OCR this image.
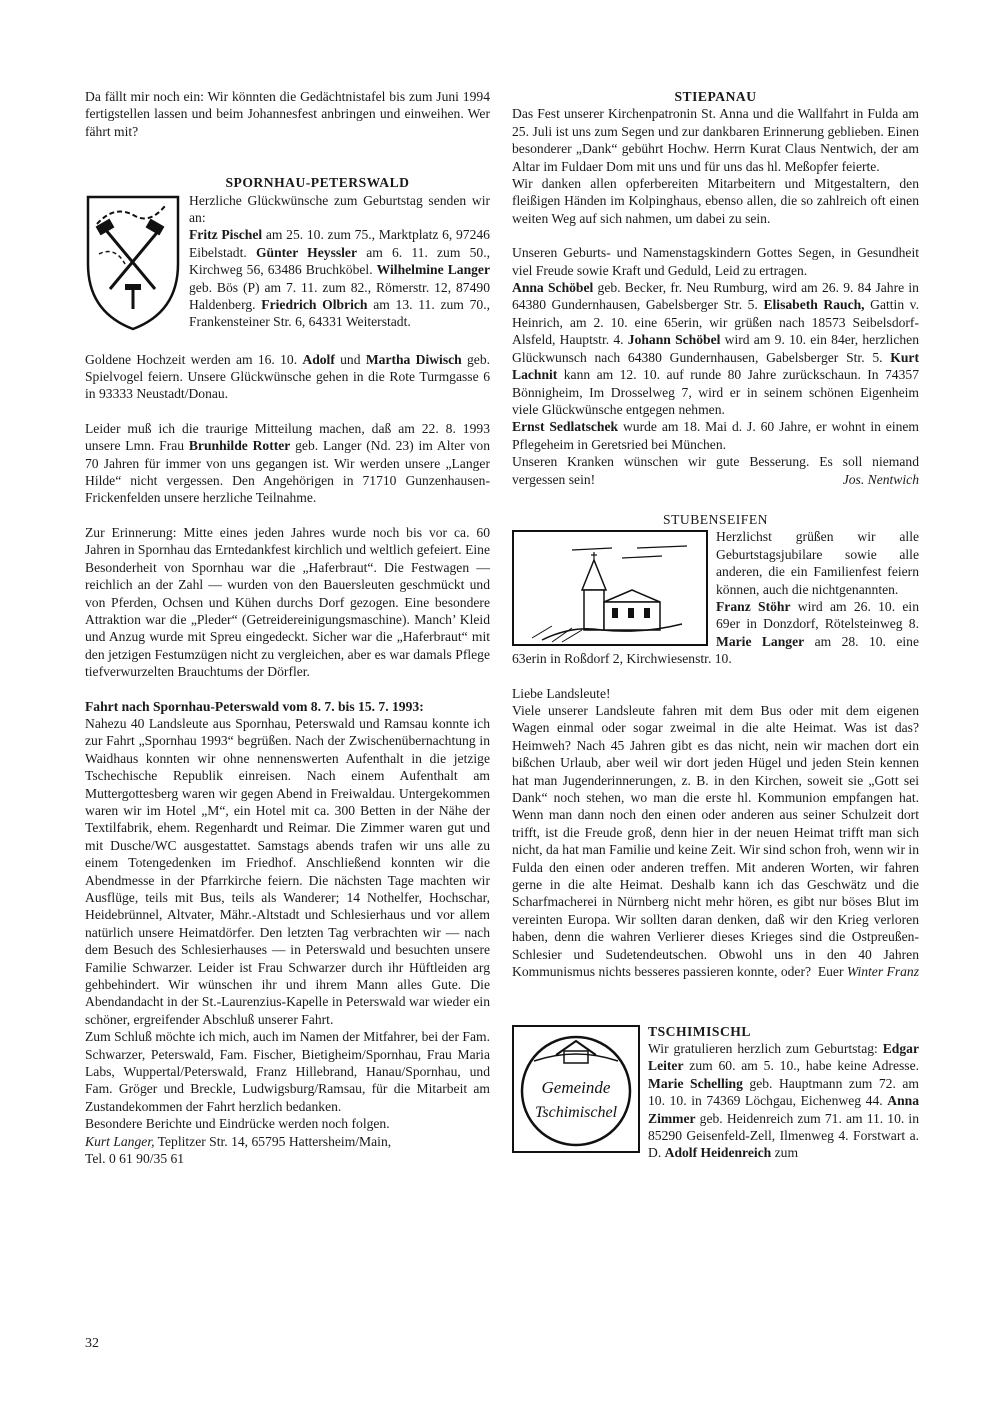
Da fällt mir noch ein: Wir könnten die Gedächtnistafel bis zum Juni 1994 fertigstellen lassen und beim Johannesfest anbringen und einweihen. Wer fährt mit?

SPORNHAU-PETERSWALD

Herzliche Glückwünsche zum Geburtstag senden wir an:

Fritz Pischel am 25. 10. zum 75., Marktplatz 6, 97246 Eibelstadt. Günter Heyssler am 6. 11. zum 50., Kirchweg 56, 63486 Bruchköbel. Wilhelmine Langer geb. Bös (P) am 7. 11. zum 82., Römerstr. 12, 87490 Haldenberg. Friedrich Olbrich am 13. 11. zum 70., Frankensteiner Str. 6, 64331 Weiterstadt.

Goldene Hochzeit werden am 16. 10. Adolf und Martha Diwisch geb. Spielvogel feiern. Unsere Glückwünsche gehen in die Rote Turmgasse 6 in 93333 Neustadt/Donau.

Leider muß ich die traurige Mitteilung machen, daß am 22. 8. 1993 unsere Lmn. Frau Brunhilde Rotter geb. Langer (Nd. 23) im Alter von 70 Jahren für immer von uns gegangen ist. Wir werden unsere „Langer Hilde“ nicht vergessen. Den Angehörigen in 71710 Gunzenhausen-Frickenfelden unsere herzliche Teilnahme.

Zur Erinnerung: Mitte eines jeden Jahres wurde noch bis vor ca. 60 Jahren in Spornhau das Erntedankfest kirchlich und weltlich gefeiert. Eine Besonderheit von Spornhau war die „Haferbraut“. Die Festwagen — reichlich an der Zahl — wurden von den Bauersleuten geschmückt und von Pferden, Ochsen und Kühen durchs Dorf gezogen. Eine besondere Attraktion war die „Pleder“ (Getreidereinigungsmaschine). Manch’ Kleid und Anzug wurde mit Spreu eingedeckt. Sicher war die „Haferbraut“ mit den jetzigen Festumzügen nicht zu vergleichen, aber es war damals Pflege tiefverwurzelten Brauchtums der Dörfler.

Fahrt nach Spornhau-Peterswald vom 8. 7. bis 15. 7. 1993:

Nahezu 40 Landsleute aus Spornhau, Peterswald und Ramsau konnte ich zur Fahrt „Spornhau 1993“ begrüßen. Nach der Zwischenübernachtung in Waidhaus konnten wir ohne nennenswerten Aufenthalt in die jetzige Tschechische Republik einreisen. Nach einem Aufenthalt am Muttergottesberg waren wir gegen Abend in Freiwaldau. Untergekommen waren wir im Hotel „M“, ein Hotel mit ca. 300 Betten in der Nähe der Textilfabrik, ehem. Regenhardt und Reimar. Die Zimmer waren gut und mit Dusche/WC ausgestattet. Samstags abends trafen wir uns alle zu einem Totengedenken im Friedhof. Anschließend konnten wir die Abendmesse in der Pfarrkirche feiern. Die nächsten Tage machten wir Ausflüge, teils mit Bus, teils als Wanderer; 14 Nothelfer, Hochschar, Heidebrünnel, Altvater, Mähr.-Altstadt und Schlesierhaus und vor allem natürlich unsere Heimatdörfer. Den letzten Tag verbrachten wir — nach dem Besuch des Schlesierhauses — in Peterswald und besuchten unsere Familie Schwarzer. Leider ist Frau Schwarzer durch ihr Hüftleiden arg gehbehindert. Wir wünschen ihr und ihrem Mann alles Gute. Die Abendandacht in der St.-Laurenzius-Kapelle in Peterswald war wieder ein schöner, ergreifender Abschluß unserer Fahrt.

Zum Schluß möchte ich mich, auch im Namen der Mitfahrer, bei der Fam. Schwarzer, Peterswald, Fam. Fischer, Bietigheim/Spornhau, Frau Maria Labs, Wuppertal/Peterswald, Franz Hillebrand, Hanau/Spornhau, und Fam. Gröger und Breckle, Ludwigsburg/Ramsau, für die Mitarbeit am Zustandekommen der Fahrt herzlich bedanken.

Besondere Berichte und Eindrücke werden noch folgen.

Kurt Langer, Teplitzer Str. 14, 65795 Hattersheim/Main,

Tel. 0 61 90/35 61

STIEPANAU

Das Fest unserer Kirchenpatronin St. Anna und die Wallfahrt in Fulda am 25. Juli ist uns zum Segen und zur dankbaren Erinnerung geblieben. Einen besonderer „Dank“ gebührt Hochw. Herrn Kurat Claus Nentwich, der am Altar im Fuldaer Dom mit uns und für uns das hl. Meßopfer feierte.

Wir danken allen opferbereiten Mitarbeitern und Mitgestaltern, den fleißigen Händen im Kolpinghaus, ebenso allen, die so zahlreich oft einen weiten Weg auf sich nahmen, um dabei zu sein.

Unseren Geburts- und Namenstagskindern Gottes Segen, in Gesundheit viel Freude sowie Kraft und Geduld, Leid zu ertragen.

Anna Schöbel geb. Becker, fr. Neu Rumburg, wird am 26. 9. 84 Jahre in 64380 Gundernhausen, Gabelsberger Str. 5. Elisabeth Rauch, Gattin v. Heinrich, am 2. 10. eine 65erin, wir grüßen nach 18573 Seibelsdorf-Alsfeld, Hauptstr. 4. Johann Schöbel wird am 9. 10. ein 84er, herzlichen Glückwunsch nach 64380 Gundernhausen, Gabelsberger Str. 5. Kurt Lachnit kann am 12. 10. auf runde 80 Jahre zurückschaun. In 74357 Bönnigheim, Im Drosselweg 7, wird er in seinem schönen Eigenheim viele Glückwünsche entgegen nehmen.

Ernst Sedlatschek wurde am 18. Mai d. J. 60 Jahre, er wohnt in einem Pflegeheim in Geretsried bei München.

Unseren Kranken wünschen wir gute Besserung. Es soll niemand vergessen sein!	Jos. Nentwich

STUBENSEIFEN

Herzlichst grüßen wir alle Geburtstagsjubilare sowie alle anderen, die ein Familienfest feiern können, auch die nichtgenannten.

Franz Stöhr wird am 26. 10. ein 69er in Donzdorf, Rötelsteinweg 8. Marie Langer am 28. 10. eine 63erin in Roßdorf 2, Kirchwiesenstr. 10.

Liebe Landsleute!

Viele unserer Landsleute fahren mit dem Bus oder mit dem eigenen Wagen einmal oder sogar zweimal in die alte Heimat. Was ist das? Heimweh? Nach 45 Jahren gibt es das nicht, nein wir machen dort ein bißchen Urlaub, aber weil wir dort jeden Hügel und jeden Stein kennen hat man Jugenderinnerungen, z. B. in den Kirchen, soweit sie „Gott sei Dank“ noch stehen, wo man die erste hl. Kommunion empfangen hat. Wenn man dann noch den einen oder anderen aus seiner Schulzeit dort trifft, ist die Freude groß, denn hier in der neuen Heimat trifft man sich nicht, da hat man Familie und keine Zeit. Wir sind schon froh, wenn wir in Fulda den einen oder anderen treffen. Mit anderen Worten, wir fahren gerne in die alte Heimat. Deshalb kann ich das Geschwätz und die Scharfmacherei in Nürnberg nicht mehr hören, es gibt nur böses Blut im vereinten Europa. Wir sollten daran denken, daß wir den Krieg verloren haben, denn die wahren Verlierer dieses Krieges sind die Ostpreußen-Schlesier und Sudetendeutschen. Obwohl uns in den 40 Jahren Kommunismus nichts besseres passieren konnte, oder? Euer Winter Franz

Gemeinde
Tschimischel

TSCHIMISCHL

Wir gratulieren herzlich zum Geburtstag: Edgar Leiter zum 60. am 5. 10., habe keine Adresse. Marie Schelling geb. Hauptmann zum 72. am 10. 10. in 74369 Löchgau, Eichenweg 44. Anna Zimmer geb. Heidenreich zum 71. am 11. 10. in 85290 Geisenfeld-Zell, Ilmenweg 4. Forstwart a. D. Adolf Heidenreich zum

32
